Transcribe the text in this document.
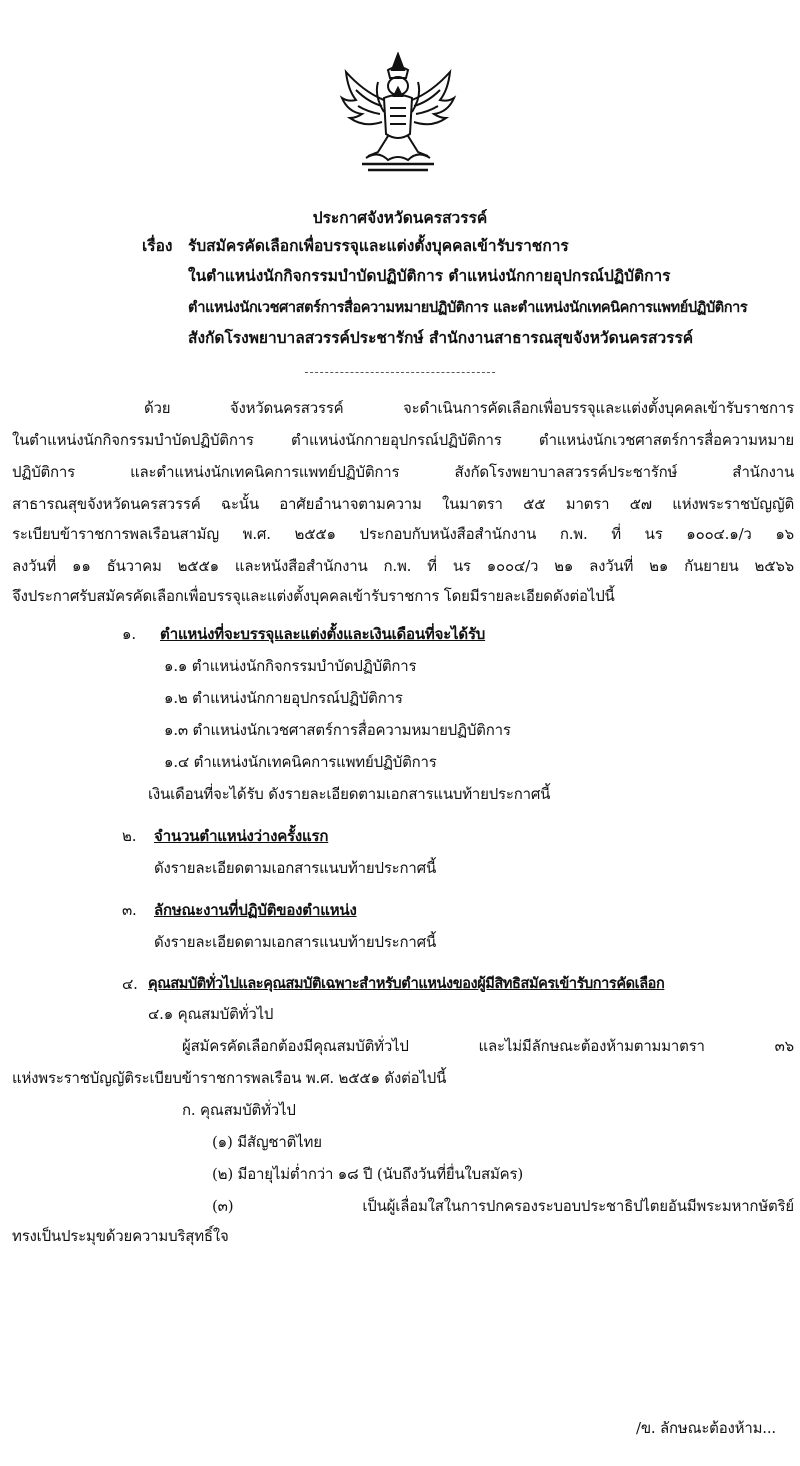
ประกาศจังหวัดนครสวรรค์
เรื่อง รับสมัครคัดเลือกเพื่อบรรจุและแต่งตั้งบุคคลเข้ารับราชการ
ในตำแหน่งนักกิจกรรมบำบัดปฏิบัติการ ตำแหน่งนักกายอุปกรณ์ปฏิบัติการ
ตำแหน่งนักเวชศาสตร์การสื่อความหมายปฏิบัติการ และตำแหน่งนักเทคนิคการแพทย์ปฏิบัติการ
สังกัดโรงพยาบาลสวรรค์ประชารักษ์ สำนักงานสาธารณสุขจังหวัดนครสวรรค์
ด้วย จังหวัดนครสวรรค์ จะดำเนินการคัดเลือกเพื่อบรรจุและแต่งตั้งบุคคลเข้ารับราชการ
ในตำแหน่งนักกิจกรรมบำบัดปฏิบัติการ ตำแหน่งนักกายอุปกรณ์ปฏิบัติการ ตำแหน่งนักเวชศาสตร์การสื่อความหมาย
ปฏิบัติการ และตำแหน่งนักเทคนิคการแพทย์ปฏิบัติการ สังกัดโรงพยาบาลสวรรค์ประชารักษ์ สำนักงาน
สาธารณสุขจังหวัดนครสวรรค์ ฉะนั้น อาศัยอำนาจตามความ ในมาตรา ๕๕ มาตรา ๕๗ แห่งพระราชบัญญัติ
ระเบียบข้าราชการพลเรือนสามัญ พ.ศ. ๒๕๕๑ ประกอบกับหนังสือสำนักงาน ก.พ. ที่ นร ๑๐๐๔.๑/ว ๑๖
ลงวันที่ ๑๑ ธันวาคม ๒๕๕๑ และหนังสือสำนักงาน ก.พ. ที่ นร ๑๐๐๔/ว ๒๑ ลงวันที่ ๒๑ กันยายน ๒๕๖๖
จึงประกาศรับสมัครคัดเลือกเพื่อบรรจุและแต่งตั้งบุคคลเข้ารับราชการ โดยมีรายละเอียดดังต่อไปนี้
๑. ตำแหน่งที่จะบรรจุและแต่งตั้งและเงินเดือนที่จะได้รับ
๑.๑ ตำแหน่งนักกิจกรรมบำบัดปฏิบัติการ
๑.๒ ตำแหน่งนักกายอุปกรณ์ปฏิบัติการ
๑.๓ ตำแหน่งนักเวชศาสตร์การสื่อความหมายปฏิบัติการ
๑.๔ ตำแหน่งนักเทคนิคการแพทย์ปฏิบัติการ
เงินเดือนที่จะได้รับ ดังรายละเอียดตามเอกสารแนบท้ายประกาศนี้
๒. จำนวนตำแหน่งว่างครั้งแรก
ดังรายละเอียดตามเอกสารแนบท้ายประกาศนี้
๓. ลักษณะงานที่ปฏิบัติของตำแหน่ง
ดังรายละเอียดตามเอกสารแนบท้ายประกาศนี้
๔. คุณสมบัติทั่วไปและคุณสมบัติเฉพาะสำหรับตำแหน่งของผู้มีสิทธิสมัครเข้ารับการคัดเลือก
๔.๑ คุณสมบัติทั่วไป
ผู้สมัครคัดเลือกต้องมีคุณสมบัติทั่วไป และไม่มีลักษณะต้องห้ามตามมาตรา ๓๖
แห่งพระราชบัญญัติระเบียบข้าราชการพลเรือน พ.ศ. ๒๕๕๑ ดังต่อไปนี้
ก. คุณสมบัติทั่วไป
(๑) มีสัญชาติไทย
(๒) มีอายุไม่ต่ำกว่า ๑๘ ปี (นับถึงวันที่ยื่นใบสมัคร)
(๓) เป็นผู้เลื่อมใสในการปกครองระบอบประชาธิปไตยอันมีพระมหากษัตริย์
ทรงเป็นประมุขด้วยความบริสุทธิ์ใจ
/ข. ลักษณะต้องห้าม...
